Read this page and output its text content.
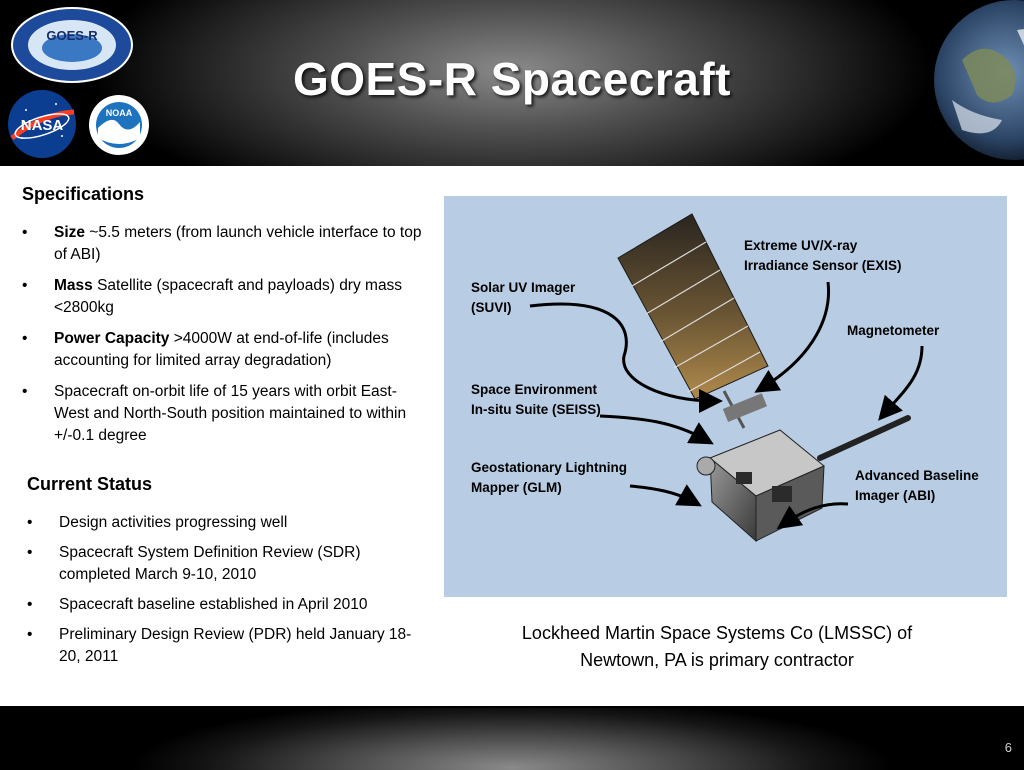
GOES-R
NASA
NOAA
GOES-R Spacecraft
Specifications
• Size ~5.5 meters (from launch vehicle interface to top of ABI)
• Mass Satellite (spacecraft and payloads) dry mass <2800kg
• Power Capacity >4000W at end-of-life (includes accounting for limited array degradation)
• Spacecraft on-orbit life of 15 years with orbit East-West and North-South position maintained to within +/-0.1 degree
Current Status
• Design activities progressing well
• Spacecraft System Definition Review (SDR) completed March 9-10, 2010
• Spacecraft baseline established in April 2010
• Preliminary Design Review (PDR) held January 18-20, 2011
Extreme UV/X-ray
Irradiance Sensor (EXIS)
Solar UV Imager
(SUVI)
Magnetometer
Space Environment
In-situ Suite (SEISS)
Geostationary Lightning
Mapper (GLM)
Advanced Baseline
Imager (ABI)
Lockheed Martin Space Systems Co (LMSSC) of
Newtown, PA is primary contractor
6
